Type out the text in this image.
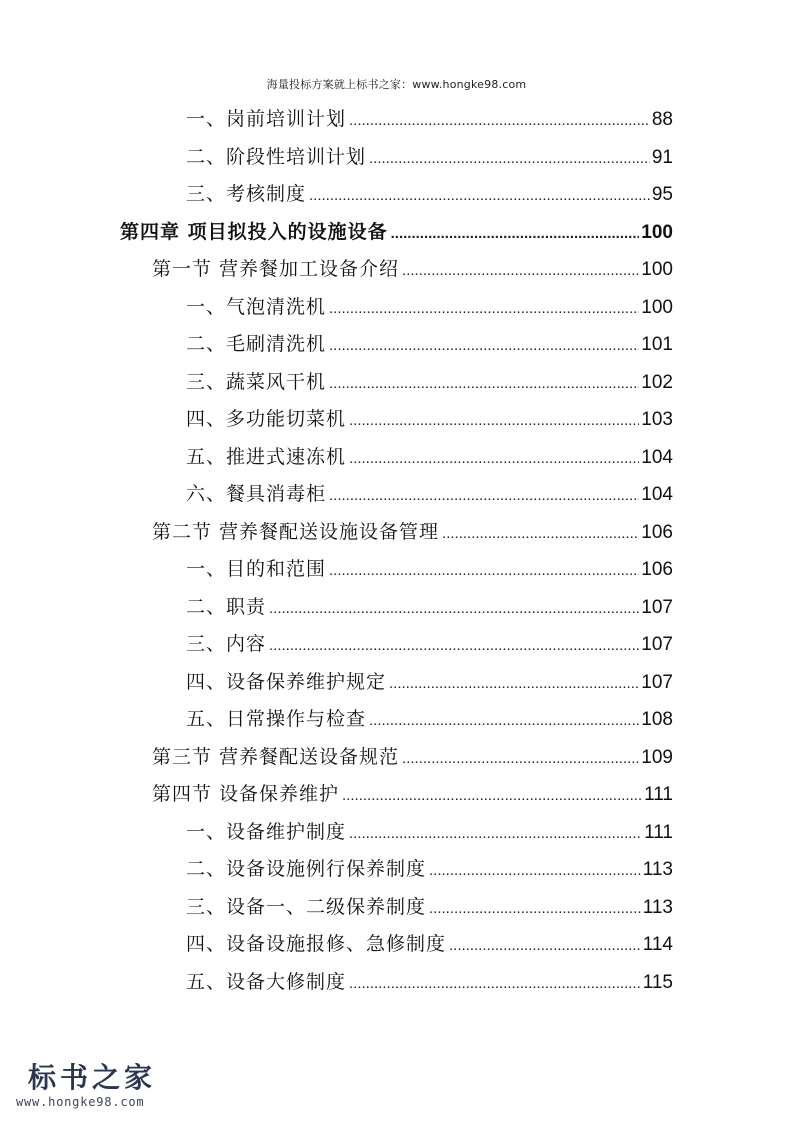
海量投标方案就上标书之家：www.hongke98.com
一、岗前培训计划 .....	88
二、阶段性培训计划 .....	91
三、考核制度 .....	95
第四章 项目拟投入的设施设备 .....	100
第一节 营养餐加工设备介绍 .....	100
一、气泡清洗机 .....	100
二、毛刷清洗机 .....	101
三、蔬菜风干机 .....	102
四、多功能切菜机 .....	103
五、推进式速冻机 .....	104
六、餐具消毒柜 .....	104
第二节 营养餐配送设施设备管理 .....	106
一、目的和范围 .....	106
二、职责 .....	107
三、内容 .....	107
四、设备保养维护规定 .....	107
五、日常操作与检查 .....	108
第三节 营养餐配送设备规范 .....	109
第四节 设备保养维护 .....	111
一、设备维护制度 .....	111
二、设备设施例行保养制度 .....	113
三、设备一、二级保养制度 .....	113
四、设备设施报修、急修制度 .....	114
五、设备大修制度 .....	115
标书之家
www.hongke98.com
